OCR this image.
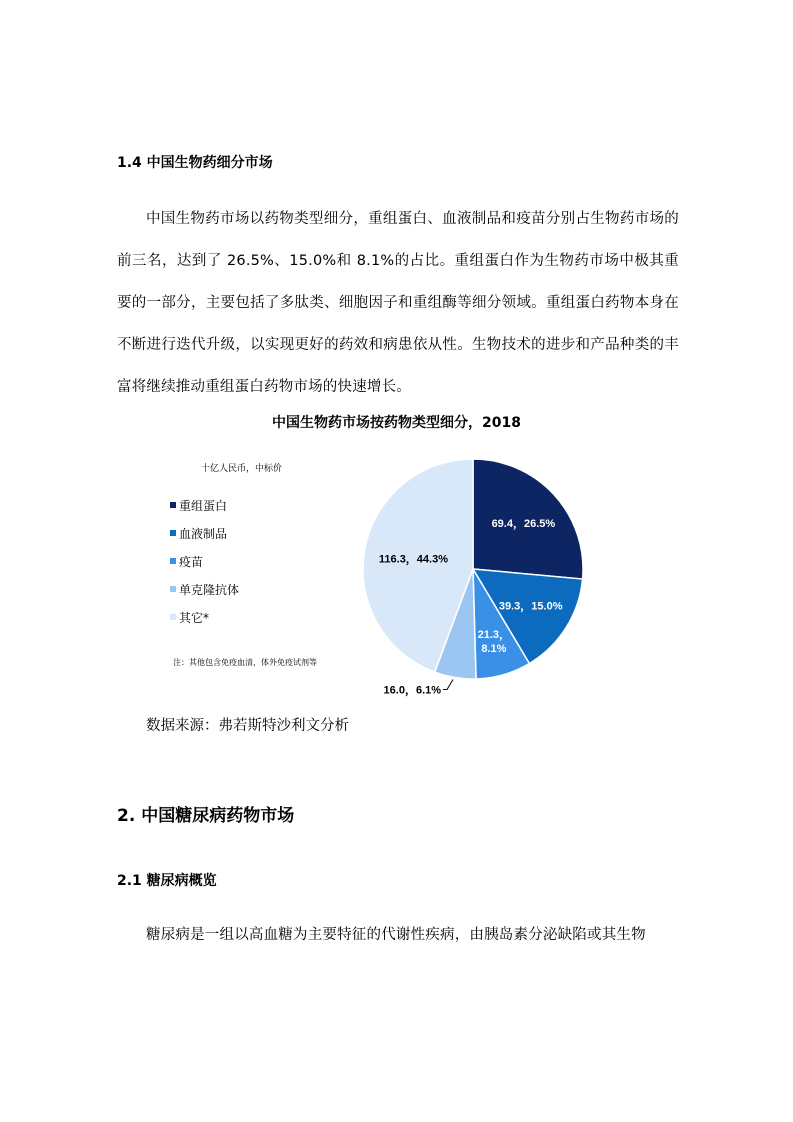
1.4 中国生物药细分市场
中国生物药市场以药物类型细分，重组蛋白、血液制品和疫苗分别占生物药市场的前三名，达到了 26.5%、15.0%和 8.1%的占比。重组蛋白作为生物药市场中极其重要的一部分，主要包括了多肽类、细胞因子和重组酶等细分领域。重组蛋白药物本身在不断进行迭代升级，以实现更好的药效和病患依从性。生物技术的进步和产品种类的丰富将继续推动重组蛋白药物市场的快速增长。
中国生物药市场按药物类型细分，2018
十亿人民币，中标价
重组蛋白
血液制品
疫苗
单克隆抗体
其它*
注：其他包含免疫血清，体外免疫试剂等
69.4，26.5%
39.3，15.0%
116.3，44.3%
21.3， 8.1%
16.0，6.1%
数据来源：弗若斯特沙利文分析
2. 中国糖尿病药物市场
2.1 糖尿病概览
糖尿病是一组以高血糖为主要特征的代谢性疾病，由胰岛素分泌缺陷或其生物
